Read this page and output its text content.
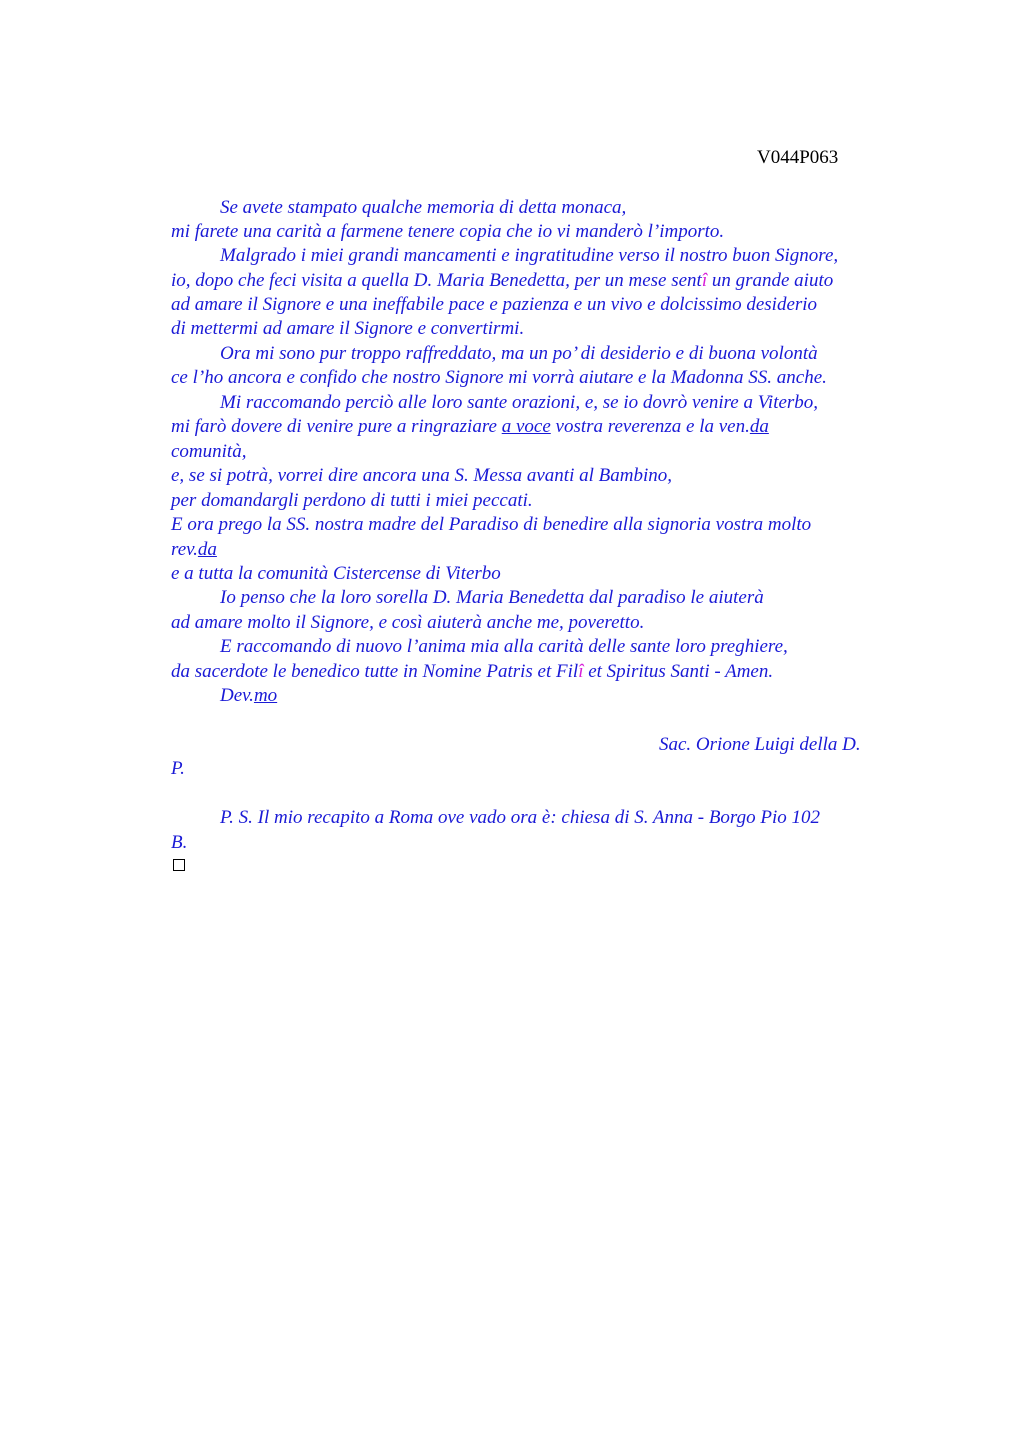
V044P063
Se avete stampato qualche memoria di detta monaca,
mi farete una carità a farmene tenere copia che io vi manderò l’importo.
Malgrado i miei grandi mancamenti e ingratitudine verso il nostro buon Signore,
io, dopo che feci visita a quella D. Maria Benedetta, per un mese sentî un grande aiuto
ad amare il Signore e una ineffabile pace e pazienza e un vivo e dolcissimo desiderio
di mettermi ad amare il Signore e convertirmi.
Ora mi sono pur troppo raffreddato, ma un po’ di desiderio e di buona volontà
ce l’ho ancora e confido che nostro Signore mi vorrà aiutare e la Madonna SS. anche.
Mi raccomando perciò alle loro sante orazioni, e, se io dovrò venire a Viterbo,
mi farò dovere di venire pure a ringraziare a voce vostra reverenza e la ven.da
comunità,
e, se si potrà, vorrei dire ancora una S. Messa avanti al Bambino,
per domandargli perdono di tutti i miei peccati.
E ora prego la SS. nostra madre del Paradiso di benedire alla signoria vostra molto
rev.da
e a tutta la comunità Cistercense di Viterbo
Io penso che la loro sorella D. Maria Benedetta dal paradiso le aiuterà
ad amare molto il Signore, e così aiuterà anche me, poveretto.
E raccomando di nuovo l’anima mia alla carità delle sante loro preghiere,
da sacerdote le benedico tutte in Nomine Patris et Filî et Spiritus Santi - Amen.
Dev.mo
Sac. Orione Luigi della D.
P.
P. S. Il mio recapito a Roma ove vado ora è: chiesa di S. Anna - Borgo Pio 102
B.
